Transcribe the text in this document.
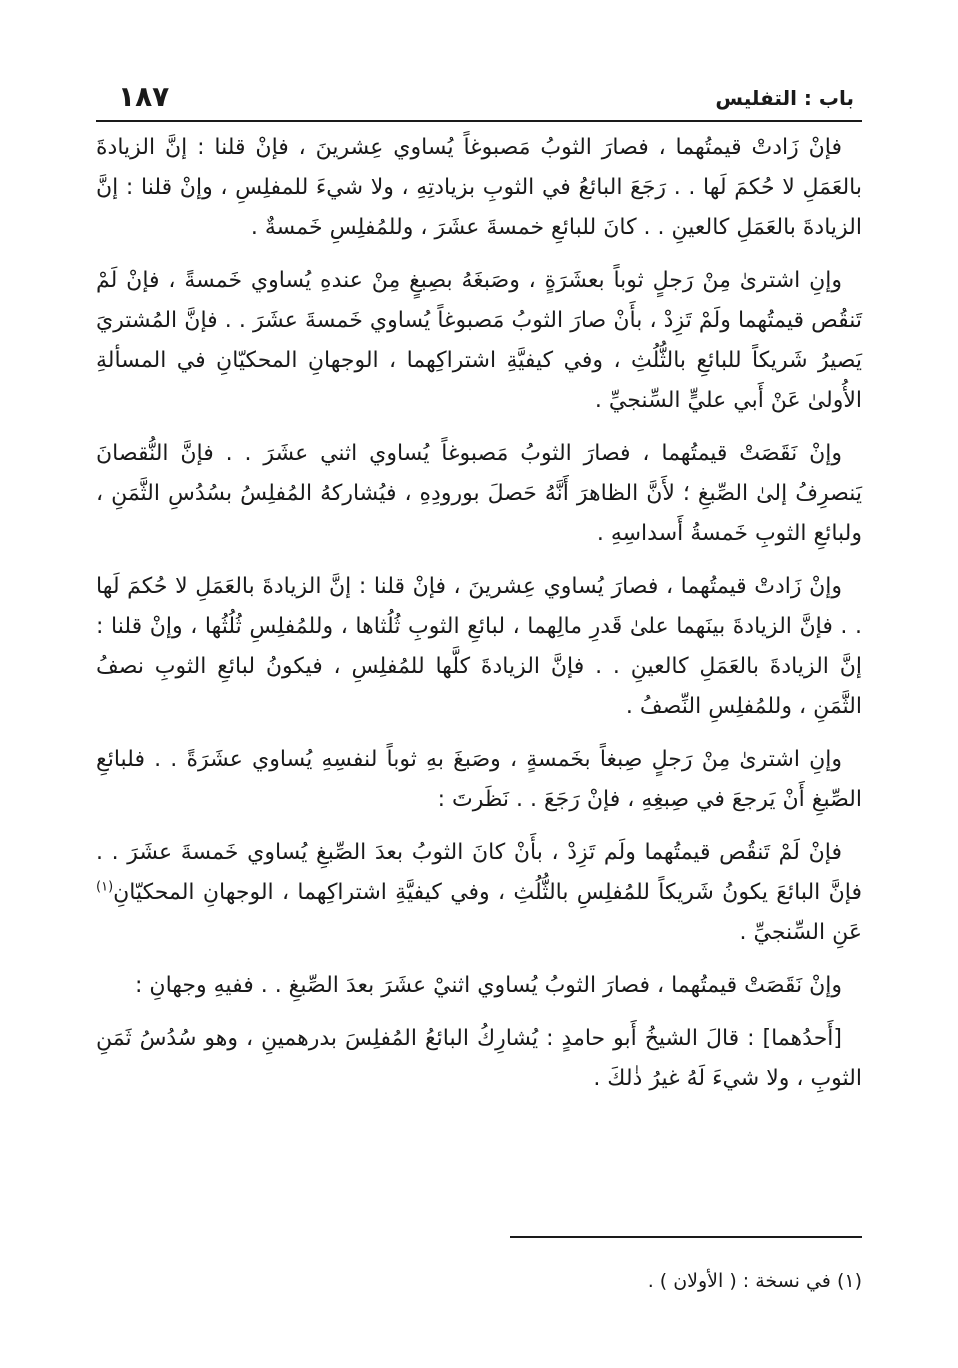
باب : التفليس
١٨٧

فإنْ زَادتْ قيمتُهما ، فصارَ الثوبُ مَصبوغاً يُساوي عِشرينَ ، فإنْ قلنا : إنَّ الزيادةَ بالعَمَلِ لا حُكمَ لَها . . رَجَعَ البائعُ في الثوبِ بزيادتِهِ ، ولا شيءَ للمفلِسِ ، وإنْ قلنا : إنَّ الزيادةَ بالعَمَلِ كالعينِ . . كانَ للبائعِ خمسةَ عشَرَ ، وللمُفلِسِ خَمسةٌ .

وإنِ اشترىٰ مِنْ رَجلٍ ثوباً بعشَرَةٍ ، وصَبغَهُ بصِبغٍ مِنْ عندهِ يُساوي خَمسةً ، فإنْ لَمْ تَنقُص قيمتُهما ولَمْ تَزِدْ ، بأَنْ صارَ الثوبُ مَصبوغاً يُساوي خَمسةَ عشَرَ . . فإنَّ المُشتريَ يَصيرُ شَريكاً للبائعِ بالثُّلُثِ ، وفي كيفيَّةِ اشتراكِهما ، الوجهانِ المحكيّانِ في المسألةِ الأُولىٰ عَنْ أَبي عليٍّ السِّنجيِّ .

وإنْ نَقَصَتْ قيمتُهما ، فصارَ الثوبُ مَصبوغاً يُساوي اثني عشَرَ . . فإنَّ النُّقصانَ يَنصرِفُ إلىٰ الصِّبغِ ؛ لأَنَّ الظاهرَ أَنَّهُ حَصلَ بورودِهِ ، فيُشاركهُ المُفلِسُ بسُدُسِ الثَّمَنِ ، ولبائعِ الثوبِ خَمسةُ أَسداسِهِ .

وإنْ زَادتْ قيمتُهما ، فصارَ يُساوي عِشرينَ ، فإنْ قلنا : إنَّ الزيادةَ بالعَمَلِ لا حُكمَ لَها . . فإنَّ الزيادةَ بينَهما علىٰ قَدرِ مالِهما ، لبائعِ الثوبِ ثُلُثاها ، وللمُفلِسِ ثُلُثُها ، وإنْ قلنا : إنَّ الزيادةَ بالعَمَلِ كالعينِ . . فإنَّ الزيادةَ كلَّها للمُفلِسِ ، فيكونُ لبائعِ الثوبِ نصفُ الثَّمَنِ ، وللمُفلِسِ النِّصفُ .

وإنِ اشترىٰ مِنْ رَجلٍ صِبغاً بخَمسةٍ ، وصَبغَ بهِ ثوباً لنفسِهِ يُساوي عشَرَةً . . فلبائعِ الصِّبغِ أَنْ يَرجعَ في صِبغِهِ ، فإنْ رَجَعَ . . نَظَرتَ :

فإنْ لَمْ تَنقُص قيمتُهما ولَم تَزِدْ ، بأَنْ كانَ الثوبُ بعدَ الصِّبغِ يُساوي خَمسةَ عشَرَ . . فإنَّ البائعَ يكونُ شَريكاً للمُفلِسِ بالثُّلُثِ ، وفي كيفيَّةِ اشتراكِهما ، الوجهانِ المحكيّانِ$^{(١)}$ عَنِ السِّنجيِّ .

وإنْ نَقَصَتْ قيمتُهما ، فصارَ الثوبُ يُساوي اثنيْ عشَرَ بعدَ الصِّبغِ . . ففيهِ وجهانِ :

[أَحدُهما] : قالَ الشيخُ أَبو حامدٍ : يُشارِكُ البائعُ المُفلِسَ بدرهمينِ ، وهو سُدُسُ ثَمَنِ الثوبِ ، ولا شيءَ لَهُ غيرُ ذٰلكَ .

(١) في نسخة : ( الأولان ) .
